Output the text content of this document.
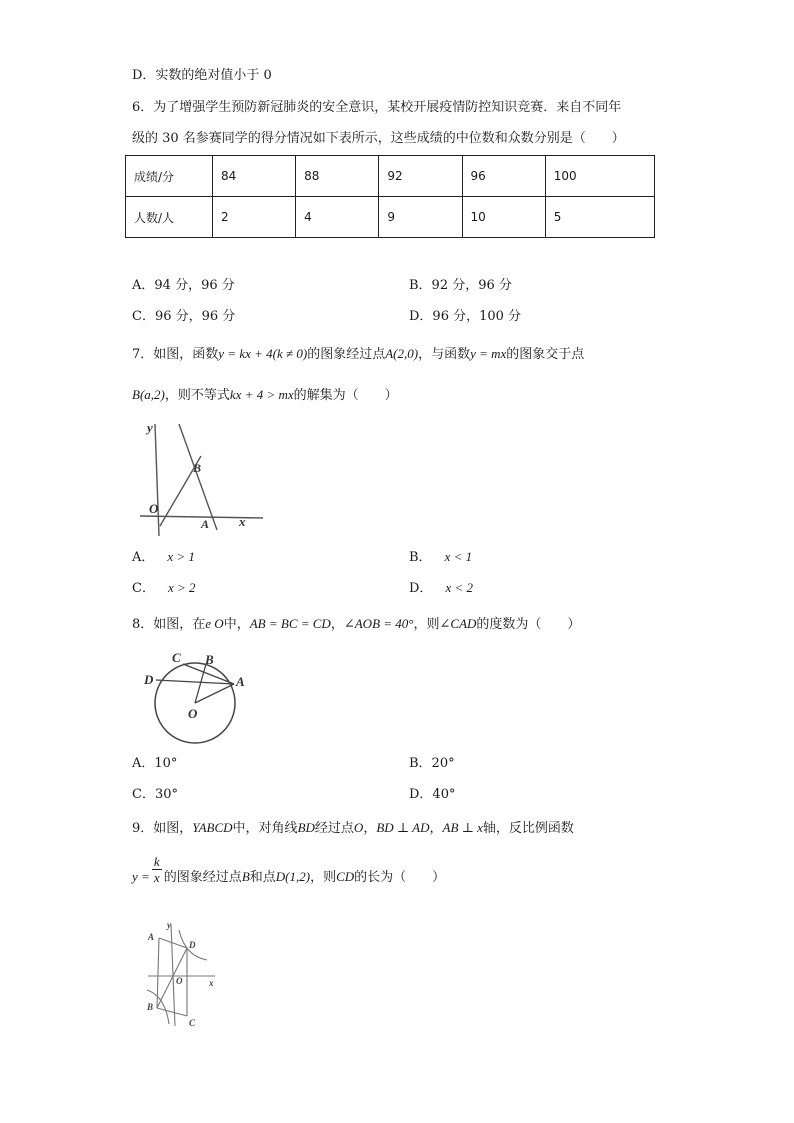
D．实数的绝对值小于 0
6．为了增强学生预防新冠肺炎的安全意识，某校开展疫情防控知识竞赛．来自不同年
级的 30 名参赛同学的得分情况如下表所示，这些成绩的中位数和众数分别是（　　）
成绩/分	84	88	92	96	100
人数/人	2	4	9	10	5
A．94 分，96 分	B．92 分，96 分
C．96 分，96 分	D．96 分，100 分
7．如图，函数y = kx + 4(k ≠ 0)的图象经过点A(2,0)，与函数y = mx的图象交于点
B(a,2)，则不等式kx + 4 > mx的解集为（　　）
y
B
O
A x
A．  x > 1	B．  x < 1
C．  x > 2	D．  x < 2
8．如图，在e O中，AB = BC = CD，∠AOB = 40°，则∠CAD的度数为（　　）
C B
D	A
O
A．10°	B．20°
C．30°	D．40°
9．如图，YABCD中，对角线BD经过点O，BD ⊥ AD，AB ⊥ x轴，反比例函数
$y = \frac{k}{x}$ 的图象经过点B和点D(1,2)，则CD的长为（　　）
A
y
D
O	x
B
C
